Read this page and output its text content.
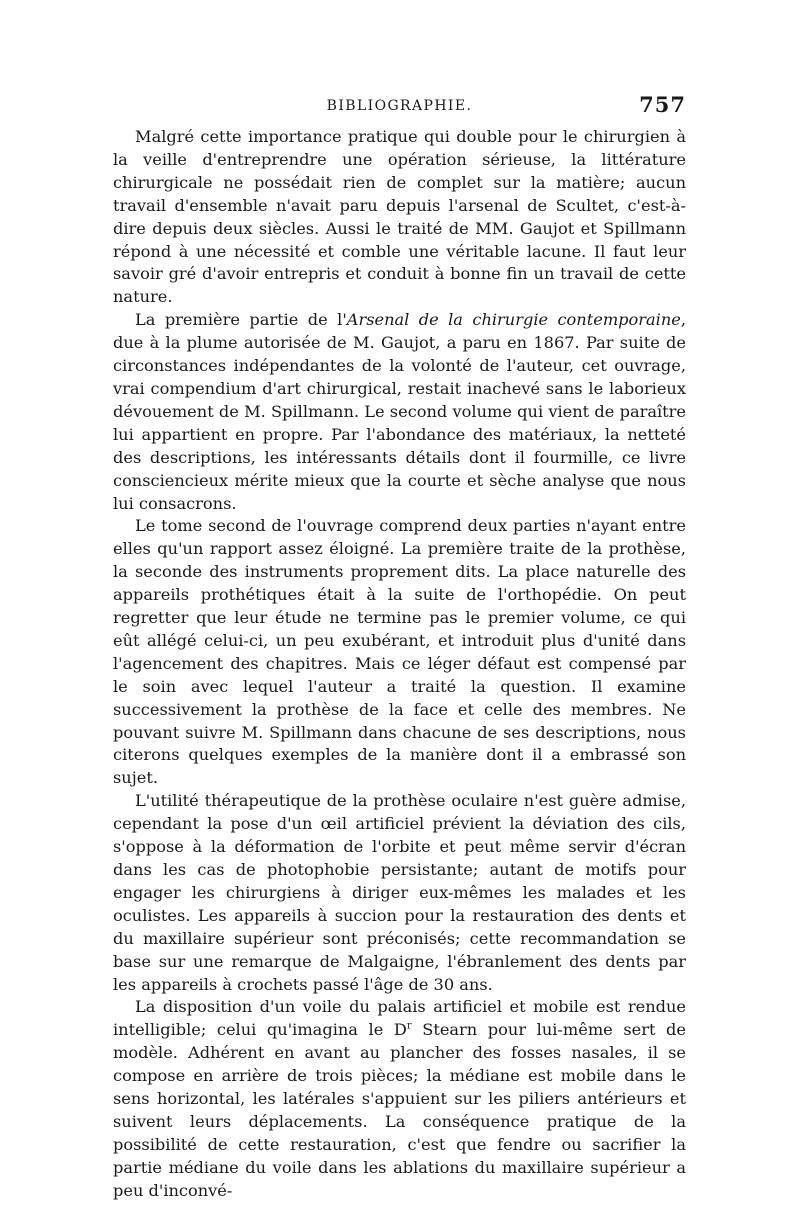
BIBLIOGRAPHIE.	757

Malgré cette importance pratique qui double pour le chirurgien à la veille d'entreprendre une opération sérieuse, la littérature chirurgicale ne possédait rien de complet sur la matière; aucun travail d'ensemble n'avait paru depuis l'arsenal de Scultet, c'est-à-dire depuis deux siècles. Aussi le traité de MM. Gaujot et Spillmann répond à une nécessité et comble une véritable lacune. Il faut leur savoir gré d'avoir entrepris et conduit à bonne fin un travail de cette nature.

La première partie de l'Arsenal de la chirurgie contemporaine, due à la plume autorisée de M. Gaujot, a paru en 1867. Par suite de circonstances indépendantes de la volonté de l'auteur, cet ouvrage, vrai compendium d'art chirurgical, restait inachevé sans le laborieux dévouement de M. Spillmann. Le second volume qui vient de paraître lui appartient en propre. Par l'abondance des matériaux, la netteté des descriptions, les intéressants détails dont il fourmille, ce livre consciencieux mérite mieux que la courte et sèche analyse que nous lui consacrons.

Le tome second de l'ouvrage comprend deux parties n'ayant entre elles qu'un rapport assez éloigné. La première traite de la prothèse, la seconde des instruments proprement dits. La place naturelle des appareils prothétiques était à la suite de l'orthopédie. On peut regretter que leur étude ne termine pas le premier volume, ce qui eût allégé celui-ci, un peu exubérant, et introduit plus d'unité dans l'agencement des chapitres. Mais ce léger défaut est compensé par le soin avec lequel l'auteur a traité la question. Il examine successivement la prothèse de la face et celle des membres. Ne pouvant suivre M. Spillmann dans chacune de ses descriptions, nous citerons quelques exemples de la manière dont il a embrassé son sujet.

L'utilité thérapeutique de la prothèse oculaire n'est guère admise, cependant la pose d'un œil artificiel prévient la déviation des cils, s'oppose à la déformation de l'orbite et peut même servir d'écran dans les cas de photophobie persistante; autant de motifs pour engager les chirurgiens à diriger eux-mêmes les malades et les oculistes. Les appareils à succion pour la restauration des dents et du maxillaire supérieur sont préconisés; cette recommandation se base sur une remarque de Malgaigne, l'ébranlement des dents par les appareils à crochets passé l'âge de 30 ans.

La disposition d'un voile du palais artificiel et mobile est rendue intelligible; celui qu'imagina le $D^r$ Stearn pour lui-même sert de modèle. Adhérent en avant au plancher des fosses nasales, il se compose en arrière de trois pièces; la médiane est mobile dans le sens horizontal, les latérales s'appuient sur les piliers antérieurs et suivent leurs déplacements. La conséquence pratique de la possibilité de cette restauration, c'est que fendre ou sacrifier la partie médiane du voile dans les ablations du maxillaire supérieur a peu d'inconvé-
